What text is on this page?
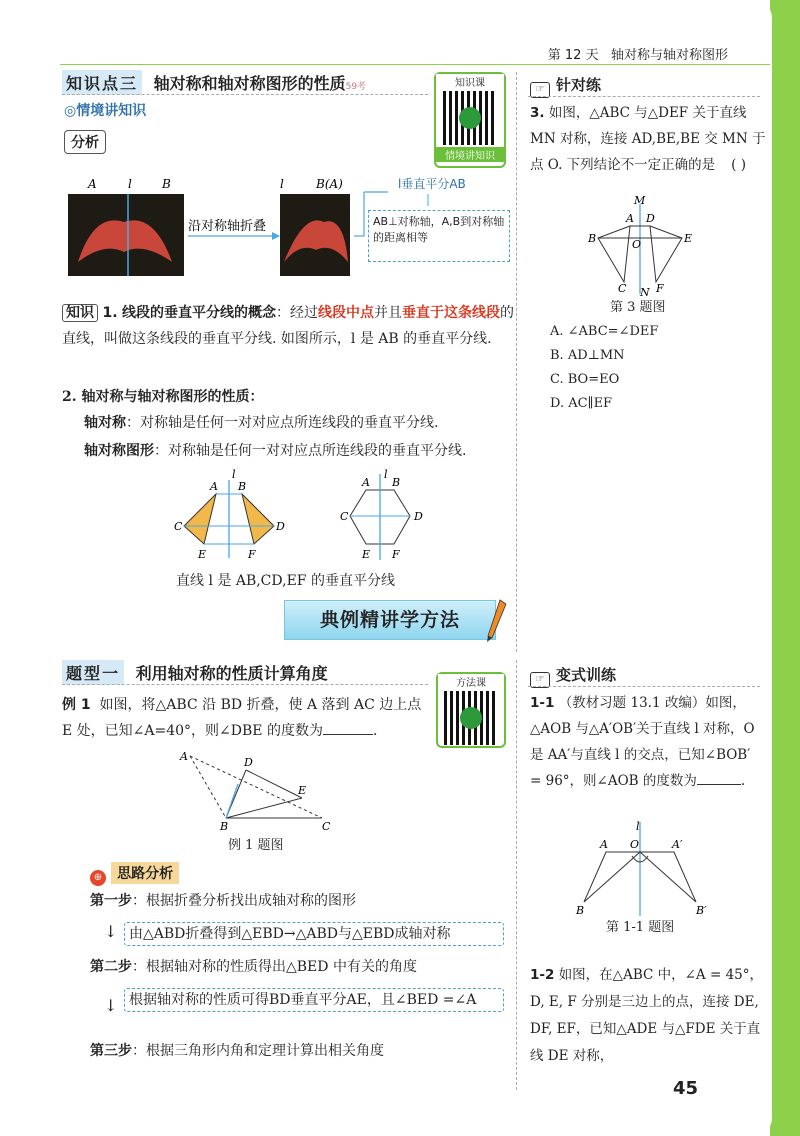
第 12 天 轴对称与轴对称图形
知识点三 轴对称和轴对称图形的性质59考
◎情境讲知识
知识课
情境讲知识
分析
A	l	B
沿对称轴折叠
l	B(A)	l垂直平分AB
AB⊥对称轴，A,B到对称轴的距离相等
知识 1. 线段的垂直平分线的概念：经过线段中点并且垂直于这条线段的直线，叫做这条线段的垂直平分线. 如图所示，l 是 AB 的垂直平分线.
2. 轴对称与轴对称图形的性质：
轴对称：对称轴是任何一对对应点所连线段的垂直平分线.
轴对称图形：对称轴是任何一对对应点所连线段的垂直平分线.
A B
l
C	D
E	F
A B
l
C	D
E F
直线 l 是 AB,CD,EF 的垂直平分线
☞ 针对练
3. 如图，△ABC 与△DEF 关于直线 MN 对称，连接 AD,BE,BE 交 MN 于点 O. 下列结论不一定正确的是 ( )
M
A D
B	O	E
C N F
第 3 题图
A. ∠ABC=∠DEF
B. AD⊥MN
C. BO=EO
D. AC∥EF
典例精讲学方法
题型一 利用轴对称的性质计算角度
方法课
例 1 如图，将△ABC 沿 BD 折叠，使 A 落到 AC 边上点 E 处，已知∠A=40°，则∠DBE 的度数为	.
A	D
E
B	C
例 1 题图
⊕ 思路分析
第一步：根据折叠分析找出成轴对称的图形
↓ 由△ABD折叠得到△EBD→△ABD与△EBD成轴对称
第二步：根据轴对称的性质得出△BED 中有关的角度
↓ 根据轴对称的性质可得BD垂直平分AE，且∠BED =∠A
第三步：根据三角形内角和定理计算出相关角度
☞ 变式训练
1-1 （教材习题 13.1 改编）如图，△AOB 与△A′OB′关于直线 l 对称，O 是 AA′与直线 l 的交点，已知∠BOB′ = 96°，则∠AOB 的度数为	.
l
A O	A′
B	B′
第 1-1 题图
1-2 如图，在△ABC 中，∠A = 45°，D, E, F 分别是三边上的点，连接 DE, DF, EF，已知△ADE 与△FDE 关于直线 DE 对称，
45
